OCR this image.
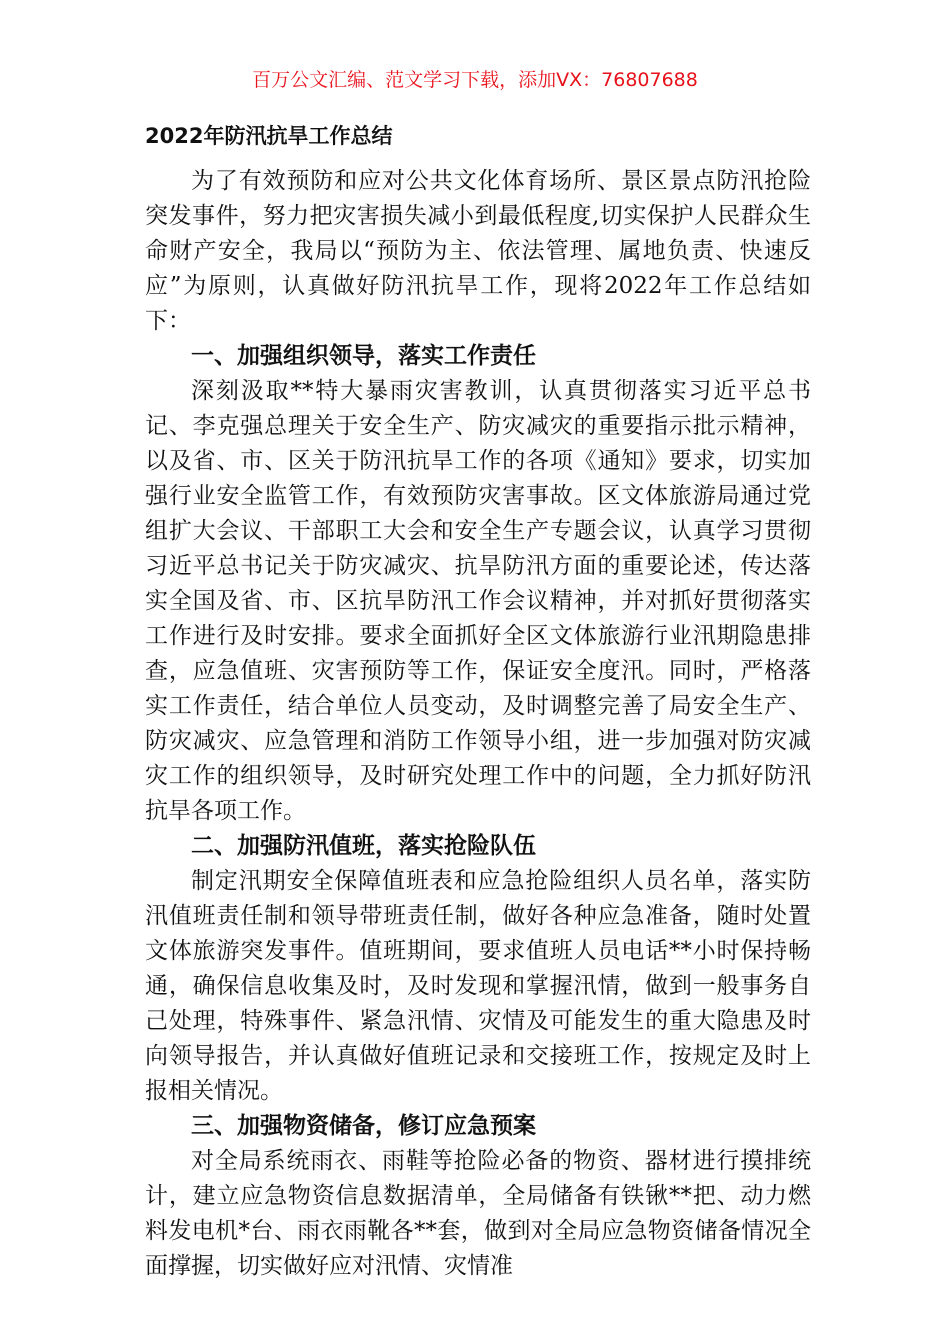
百万公文汇编、范文学习下载，添加VX：76807688
2022年防汛抗旱工作总结

为了有效预防和应对公共文化体育场所、景区景点防汛抢险突发事件，努力把灾害损失减小到最低程度,切实保护人民群众生命财产安全，我局以“预防为主、依法管理、属地负责、快速反应”为原则，认真做好防汛抗旱工作，现将2022年工作总结如下：

一、加强组织领导，落实工作责任

深刻汲取**特大暴雨灾害教训，认真贯彻落实习近平总书记、李克强总理关于安全生产、防灾减灾的重要指示批示精神，以及省、市、区关于防汛抗旱工作的各项《通知》要求，切实加强行业安全监管工作，有效预防灾害事故。区文体旅游局通过党组扩大会议、干部职工大会和安全生产专题会议，认真学习贯彻习近平总书记关于防灾减灾、抗旱防汛方面的重要论述，传达落实全国及省、市、区抗旱防汛工作会议精神，并对抓好贯彻落实工作进行及时安排。要求全面抓好全区文体旅游行业汛期隐患排查，应急值班、灾害预防等工作，保证安全度汛。同时，严格落实工作责任，结合单位人员变动，及时调整完善了局安全生产、防灾减灾、应急管理和消防工作领导小组，进一步加强对防灾减灾工作的组织领导，及时研究处理工作中的问题，全力抓好防汛抗旱各项工作。

二、加强防汛值班，落实抢险队伍

制定汛期安全保障值班表和应急抢险组织人员名单，落实防汛值班责任制和领导带班责任制，做好各种应急准备，随时处置文体旅游突发事件。值班期间，要求值班人员电话**小时保持畅通，确保信息收集及时，及时发现和掌握汛情，做到一般事务自己处理，特殊事件、紧急汛情、灾情及可能发生的重大隐患及时向领导报告，并认真做好值班记录和交接班工作，按规定及时上报相关情况。

三、加强物资储备，修订应急预案

对全局系统雨衣、雨鞋等抢险必备的物资、器材进行摸排统计，建立应急物资信息数据清单，全局储备有铁锹**把、动力燃料发电机*台、雨衣雨靴各**套，做到对全局应急物资储备情况全面撑握，切实做好应对汛情、灾情准
